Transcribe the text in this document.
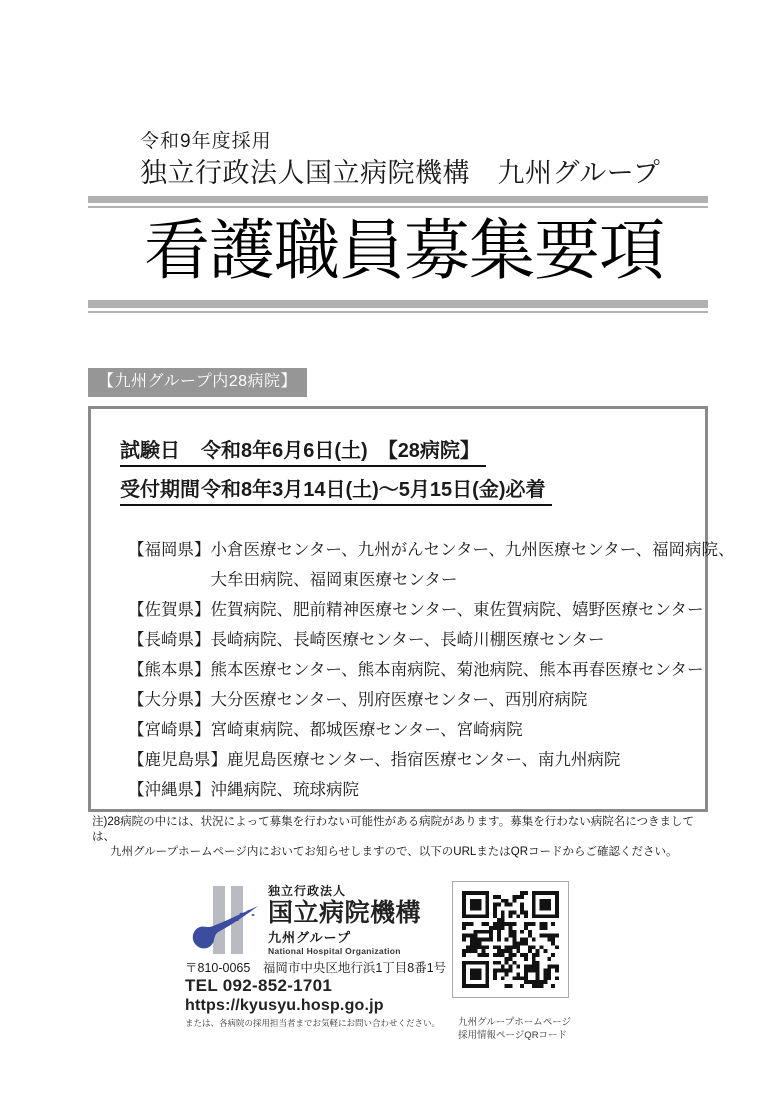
令和9年度採用
独立行政法人国立病院機構　九州グループ
看護職員募集要項
【九州グループ内28病院】
試験日	令和8年6月6日(土)　【28病院】
受付期間 令和8年3月14日(土)～5月15日(金)必着
【福岡県】 小倉医療センター、九州がんセンター、九州医療センター、福岡病院、
大牟田病院、福岡東医療センター
【佐賀県】 佐賀病院、肥前精神医療センター、東佐賀病院、嬉野医療センター
【長崎県】 長崎病院、長崎医療センター、長崎川棚医療センター
【熊本県】 熊本医療センター、熊本南病院、菊池病院、熊本再春医療センター
【大分県】 大分医療センター、別府医療センター、西別府病院
【宮崎県】 宮崎東病院、都城医療センター、宮崎病院
【鹿児島県】 鹿児島医療センター、指宿医療センター、南九州病院
【沖縄県】 沖縄病院、琉球病院
注)28病院の中には、状況によって募集を行わない可能性がある病院があります。募集を行わない病院名につきましては、
九州グループホームページ内においてお知らせしますので、以下のURLまたはQRコードからご確認ください。
独立行政法人
国立病院機構
九州グループ
National Hospital Organization
〒810-0065　福岡市中央区地行浜1丁目8番1号
TEL 092-852-1701
https://kyusyu.hosp.go.jp
または、各病院の採用担当者までお気軽にお問い合わせください。	九州グループホームページ
採用情報ページQRコード
